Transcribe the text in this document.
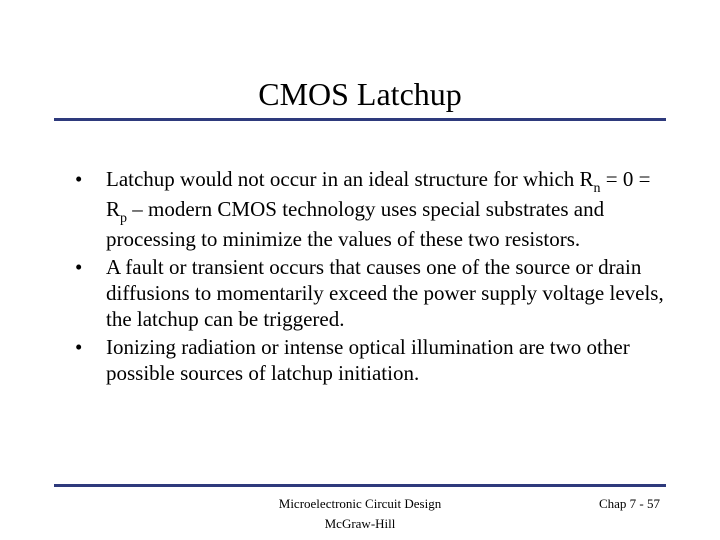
CMOS Latchup
• Latchup would not occur in an ideal structure for which $R_n = 0 = R_p$ – modern CMOS technology uses special substrates and processing to minimize the values of these two resistors.
• A fault or transient occurs that causes one of the source or drain diffusions to momentarily exceed the power supply voltage levels, the latchup can be triggered.
• Ionizing radiation or intense optical illumination are two other possible sources of latchup initiation.
Microelectronic Circuit Design
McGraw-Hill
Chap 7 - 57
